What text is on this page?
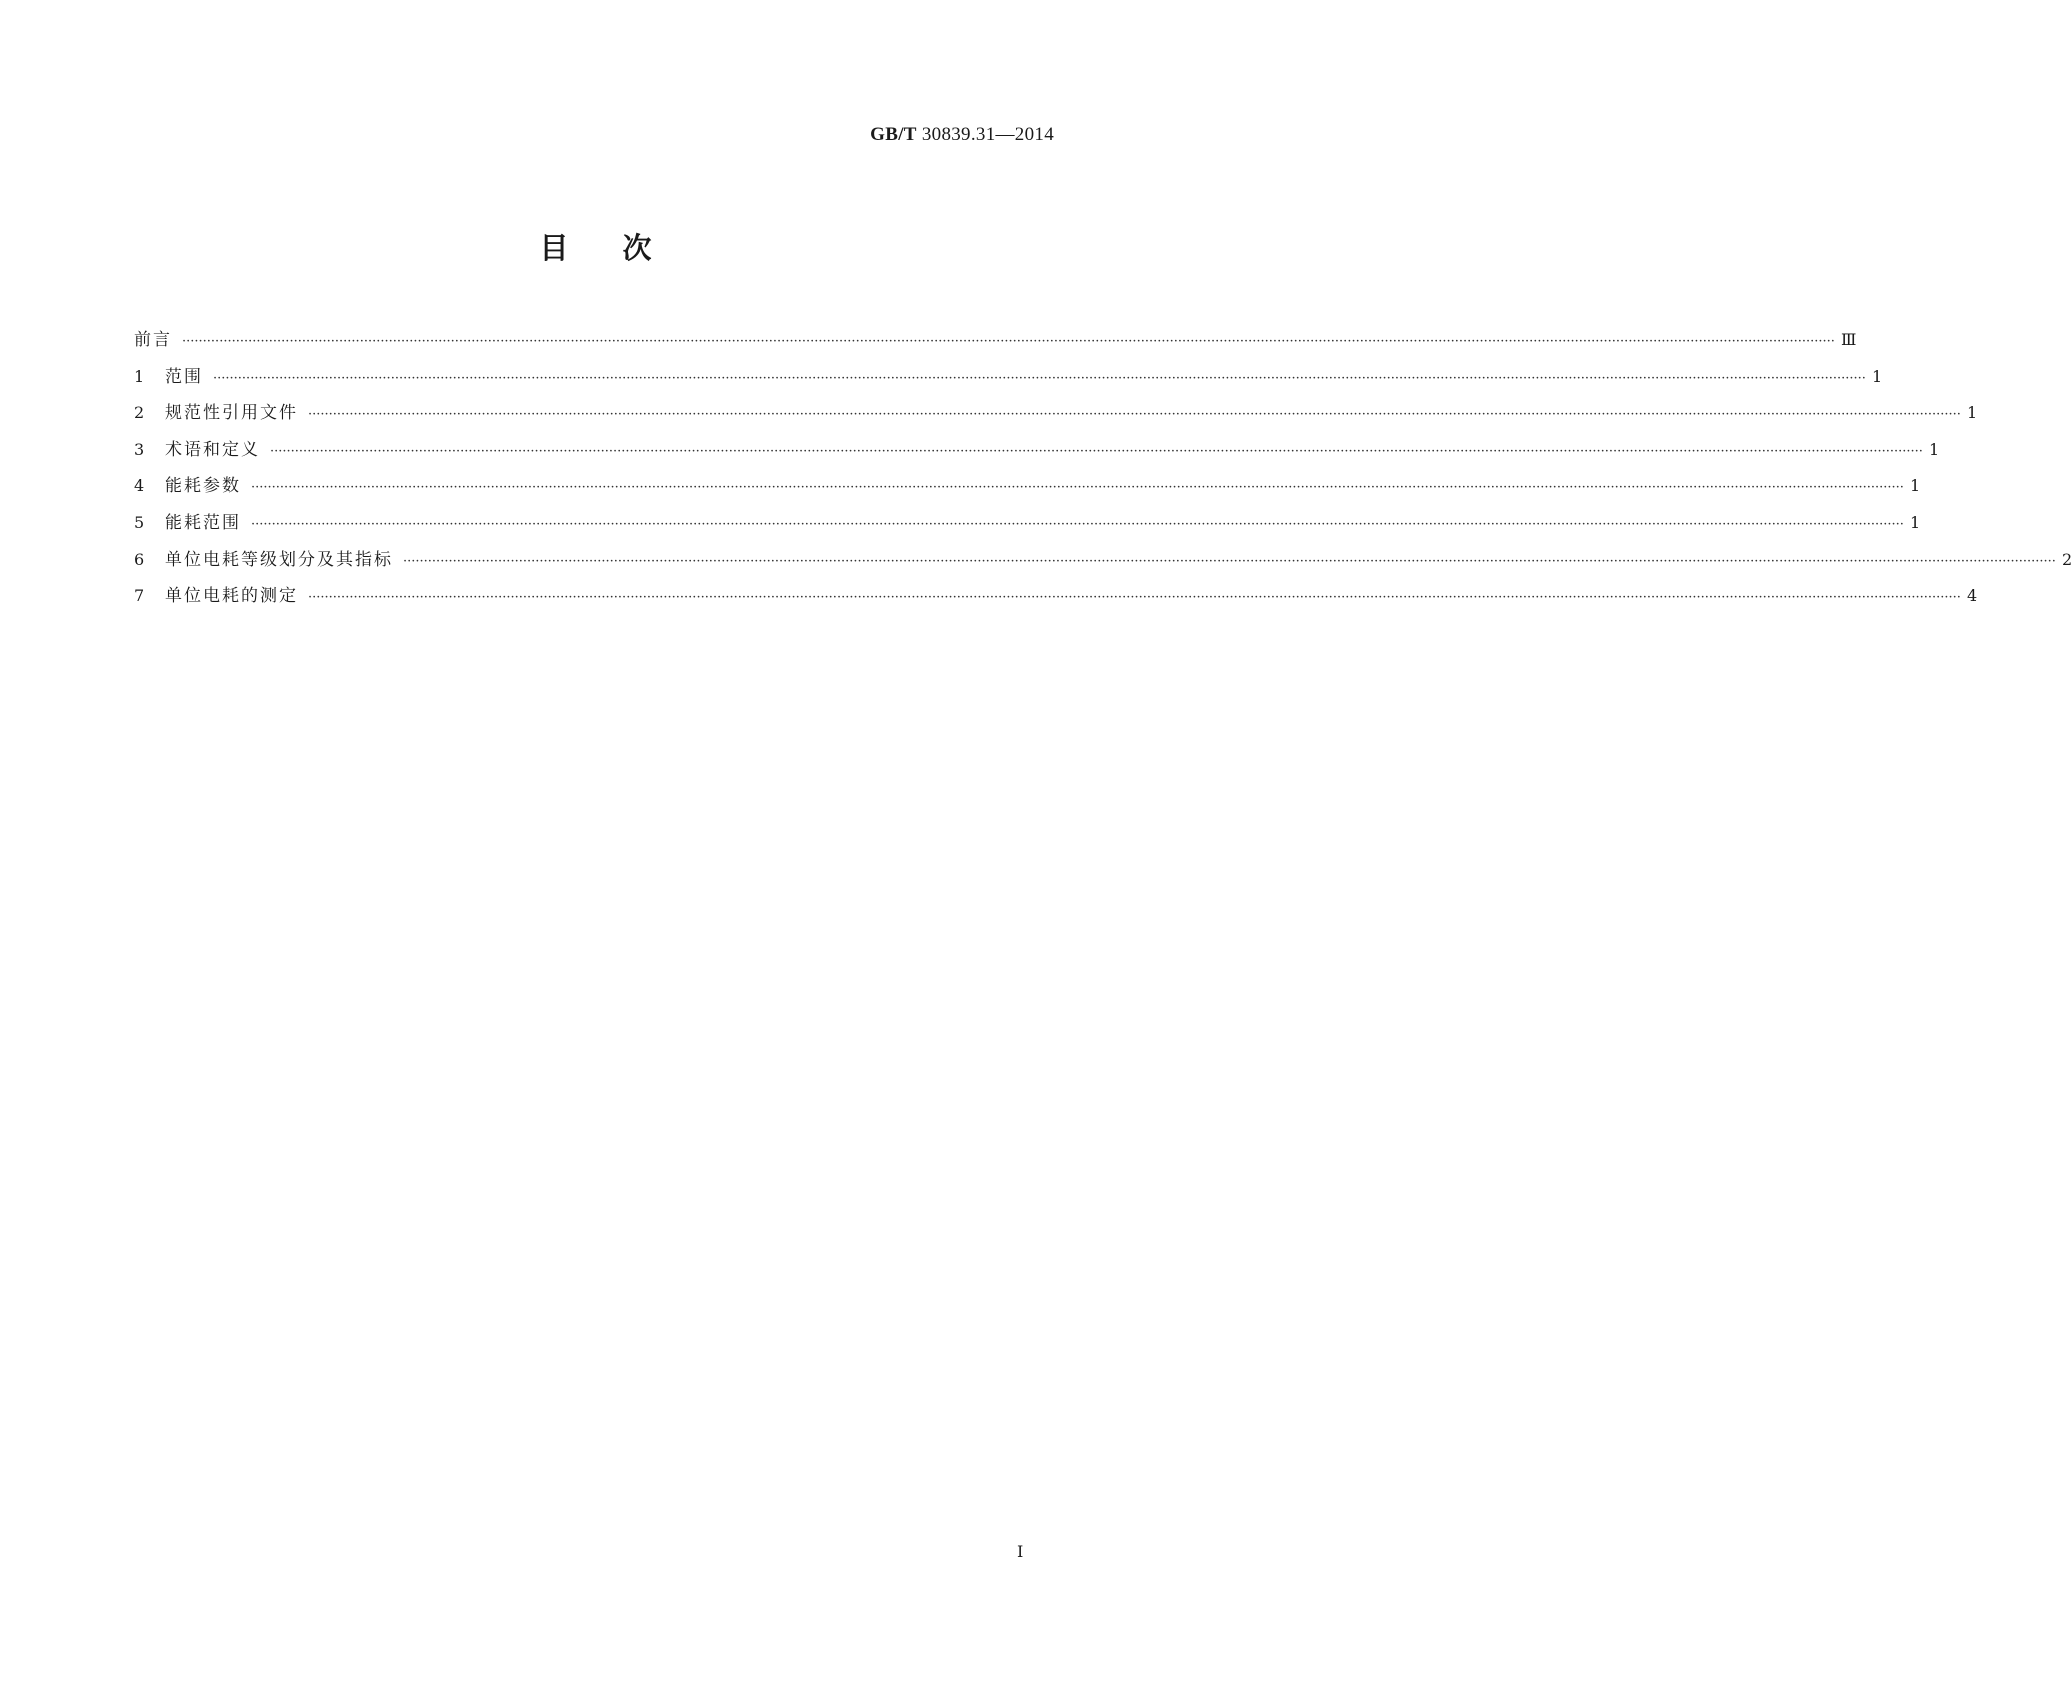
GB/T 30839.31—2014
目次
前言 ················································································································································································································································································································································································································ Ⅲ
1	范围 ················································································································································································································································································································································································································ 1
2	规范性引用文件 ················································································································································································································································································································································································································ 1
3	术语和定义 ················································································································································································································································································································································································································ 1
4	能耗参数 ················································································································································································································································································································································································································ 1
5	能耗范围 ················································································································································································································································································································································································································ 1
6	单位电耗等级划分及其指标 ················································································································································································································································································································································································································ 2
7	单位电耗的测定 ················································································································································································································································································································································································································ 4
I
